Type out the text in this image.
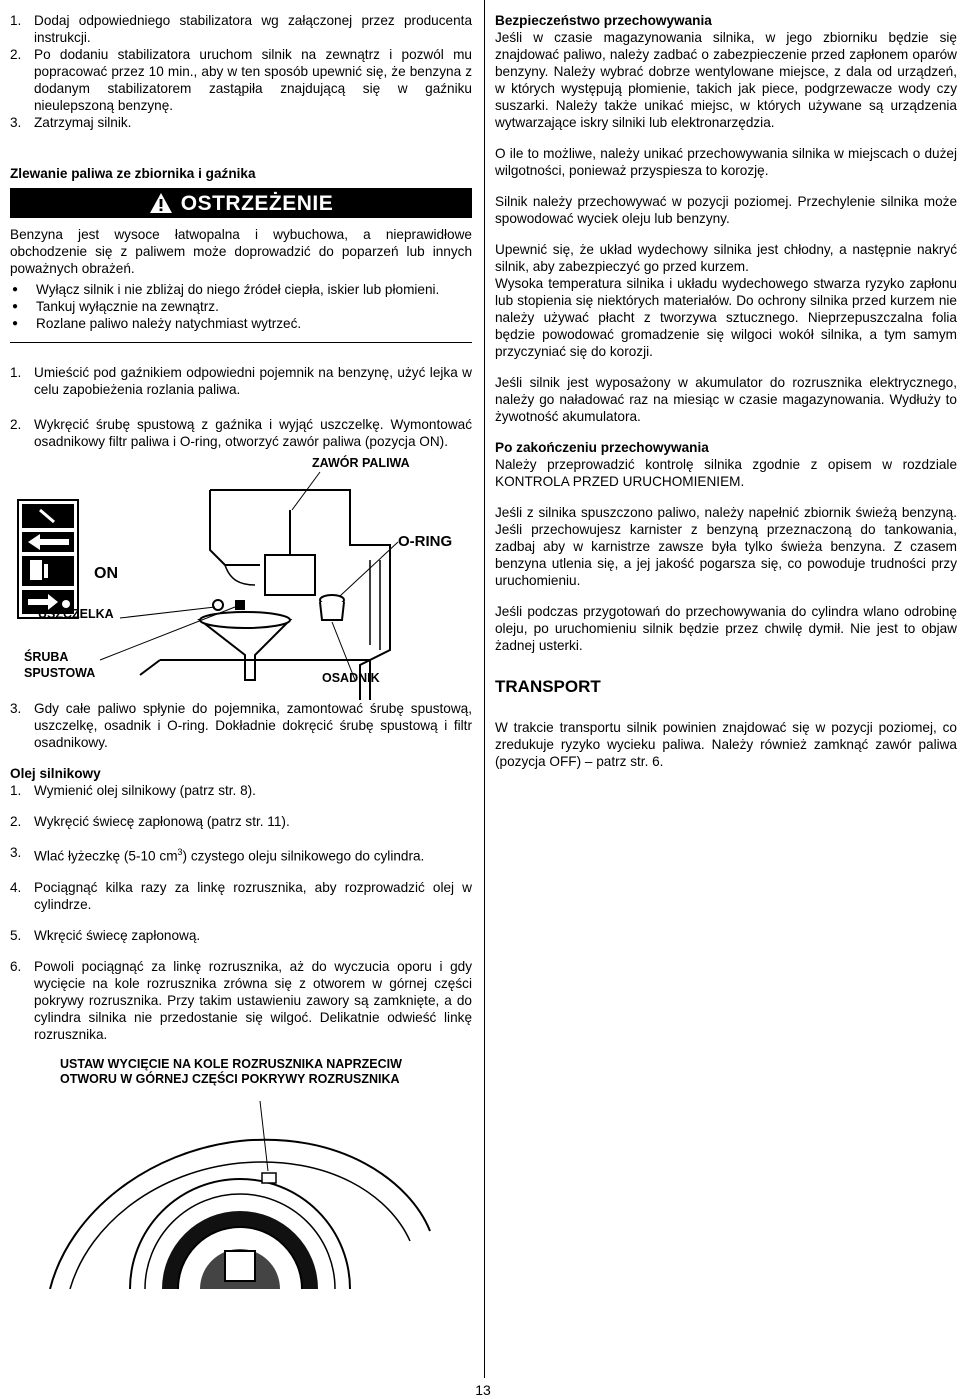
1. Dodaj odpowiedniego stabilizatora wg załączonej przez producenta instrukcji.
2. Po dodaniu stabilizatora uruchom silnik na zewnątrz i pozwól mu popracować przez 10 min., aby w ten sposób upewnić się, że benzyna z dodanym stabilizatorem zastąpiła znajdującą się w gaźniku nieulepszoną benzynę.
3. Zatrzymaj silnik.
Zlewanie paliwa ze zbiornika i gaźnika
OSTRZEŻENIE

Benzyna jest wysoce łatwopalna i wybuchowa, a nieprawidłowe obchodzenie się z paliwem może doprowadzić do poparzeń lub innych poważnych obrażeń.

●	Wyłącz silnik i nie zbliżaj do niego źródeł ciepła, iskier lub płomieni.
●	Tankuj wyłącznie na zewnątrz.
●	Rozlane paliwo należy natychmiast wytrzeć.
1. Umieścić pod gaźnikiem odpowiedni pojemnik na benzynę, użyć lejka w celu zapobieżenia rozlania paliwa.
2. Wykręcić śrubę spustową z gaźnika i wyjąć uszczelkę. Wymontować osadnikowy filtr paliwa i O-ring, otworzyć zawór paliwa (pozycja ON).
ZAWÓR PALIWA
O-RING
ON
USZCZELKA
ŚRUBA
SPUSTOWA	OSADNIK
3. Gdy całe paliwo spłynie do pojemnika, zamontować śrubę spustową, uszczelkę, osadnik i O-ring. Dokładnie dokręcić śrubę spustową i filtr osadnikowy.
Olej silnikowy
1. Wymienić olej silnikowy (patrz str. 8).
2. Wykręcić świecę zapłonową (patrz str. 11).
3. Wlać łyżeczkę (5-10 $cm^3$) czystego oleju silnikowego do cylindra.
4. Pociągnąć kilka razy za linkę rozrusznika, aby rozprowadzić olej w cylindrze.
5. Wkręcić świecę zapłonową.
6. Powoli pociągnąć za linkę rozrusznika, aż do wyczucia oporu i gdy wycięcie na kole rozrusznika zrówna się z otworem w górnej części pokrywy rozrusznika. Przy takim ustawieniu zawory są zamknięte, a do cylindra silnika nie przedostanie się wilgoć. Delikatnie odwieść linkę rozrusznika.
USTAW WYCIĘCIE NA KOLE ROZRUSZNIKA NAPRZECIW
OTWORU W GÓRNEJ CZĘŚCI POKRYWY ROZRUSZNIKA
Bezpieczeństwo przechowywania

Jeśli w czasie magazynowania silnika, w jego zbiorniku będzie się znajdować paliwo, należy zadbać o zabezpieczenie przed zapłonem oparów benzyny. Należy wybrać dobrze wentylowane miejsce, z dala od urządzeń, w których występują płomienie, takich jak piece, podgrzewacze wody czy suszarki. Należy także unikać miejsc, w których używane są urządzenia wytwarzające iskry silniki lub elektronarzędzia.

O ile to możliwe, należy unikać przechowywania silnika w miejscach o dużej wilgotności, ponieważ przyspiesza to korozję.

Silnik należy przechowywać w pozycji poziomej. Przechylenie silnika może spowodować wyciek oleju lub benzyny.

Upewnić się, że układ wydechowy silnika jest chłodny, a następnie nakryć silnik, aby zabezpieczyć go przed kurzem.

Wysoka temperatura silnika i układu wydechowego stwarza ryzyko zapłonu lub stopienia się niektórych materiałów. Do ochrony silnika przed kurzem nie należy używać płacht z tworzywa sztucznego. Nieprzepuszczalna folia będzie powodować gromadzenie się wilgoci wokół silnika, a tym samym przyczyniać się do korozji.

Jeśli silnik jest wyposażony w akumulator do rozrusznika elektrycznego, należy go naładować raz na miesiąc w czasie magazynowania. Wydłuży to żywotność akumulatora.

Po zakończeniu przechowywania

Należy przeprowadzić kontrolę silnika zgodnie z opisem w rozdziale KONTROLA PRZED URUCHOMIENIEM.

Jeśli z silnika spuszczono paliwo, należy napełnić zbiornik świeżą benzyną. Jeśli przechowujesz karnister z benzyną przeznaczoną do tankowania, zadbaj aby w karnistrze zawsze była tylko świeża benzyna. Z czasem benzyna utlenia się, a jej jakość pogarsza się, co powoduje trudności przy uruchomieniu.

Jeśli podczas przygotowań do przechowywania do cylindra wlano odrobinę oleju, po uruchomieniu silnik będzie przez chwilę dymił. Nie jest to objaw żadnej usterki.

TRANSPORT

W trakcie transportu silnik powinien znajdować się w pozycji poziomej, co zredukuje ryzyko wycieku paliwa. Należy również zamknąć zawór paliwa (pozycja OFF) – patrz str. 6.

13
